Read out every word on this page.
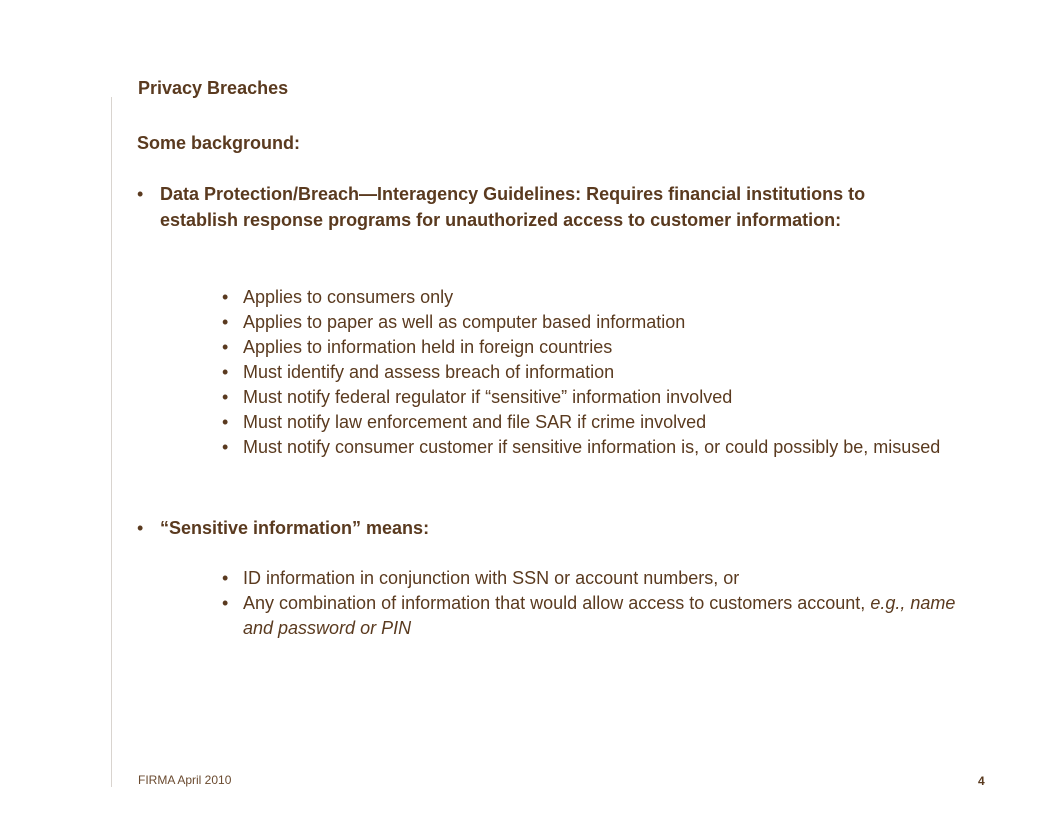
Privacy Breaches
Some background:
• Data Protection/Breach—Interagency Guidelines: Requires financial institutions to establish response programs for unauthorized access to customer information:
• Applies to consumers only
• Applies to paper as well as computer based information
• Applies to information held in foreign countries
• Must identify and assess breach of information
• Must notify federal regulator if “sensitive” information involved
• Must notify law enforcement and file SAR if crime involved
• Must notify consumer customer if sensitive information is, or could possibly be, misused
• “Sensitive information” means:
• ID information in conjunction with SSN or account numbers, or
• Any combination of information that would allow access to customers account, e.g., name and password or PIN
FIRMA April 2010	4
